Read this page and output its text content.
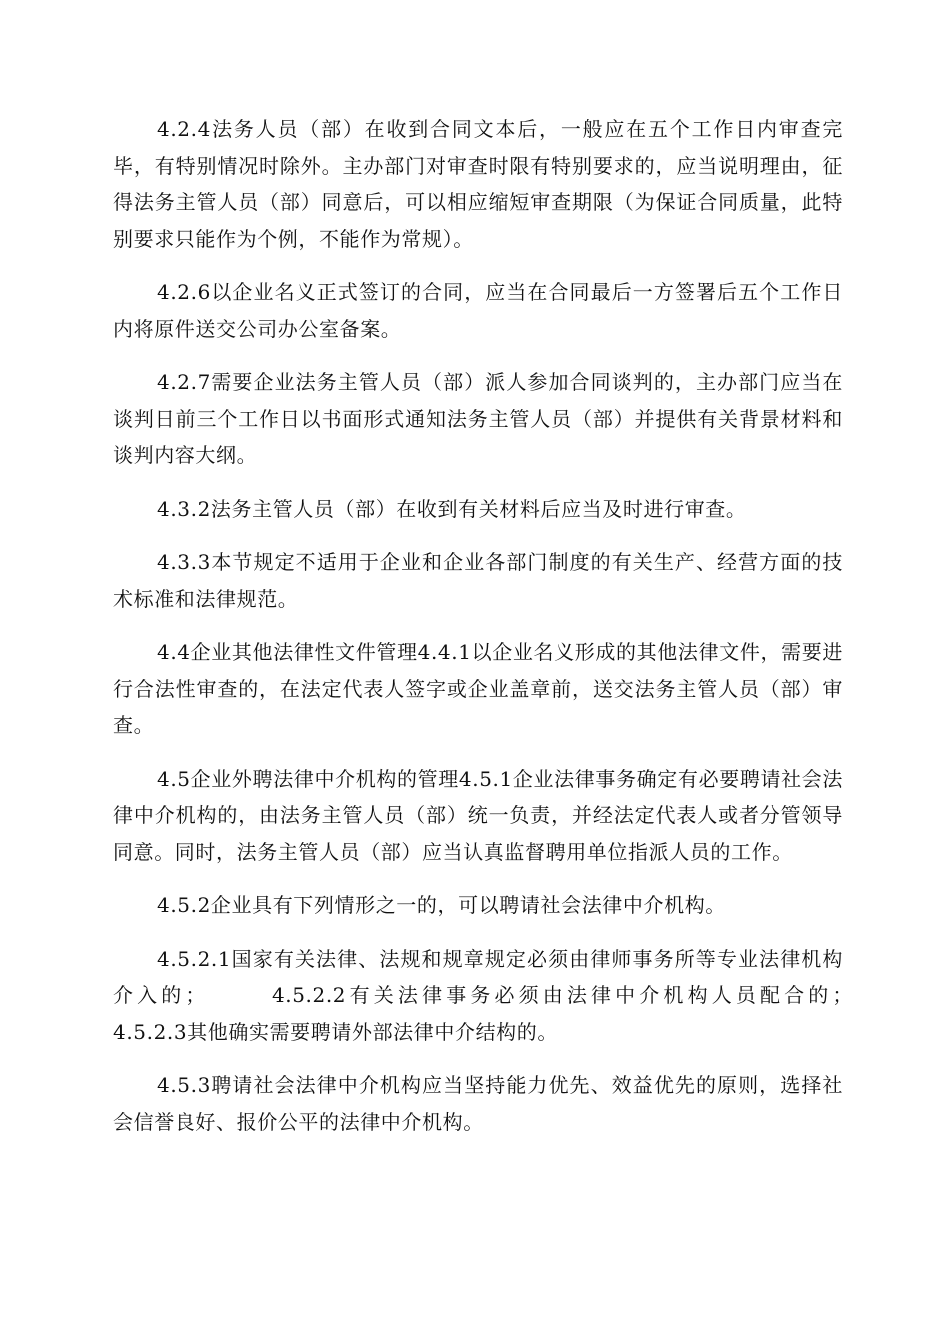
4.2.4法务人员（部）在收到合同文本后，一般应在五个工作日内审查完毕，有特别情况时除外。主办部门对审查时限有特别要求的，应当说明理由，征得法务主管人员（部）同意后，可以相应缩短审查期限（为保证合同质量，此特别要求只能作为个例，不能作为常规）。

4.2.6以企业名义正式签订的合同，应当在合同最后一方签署后五个工作日内将原件送交公司办公室备案。

4.2.7需要企业法务主管人员（部）派人参加合同谈判的，主办部门应当在谈判日前三个工作日以书面形式通知法务主管人员（部）并提供有关背景材料和谈判内容大纲。

4.3.2法务主管人员（部）在收到有关材料后应当及时进行审查。

4.3.3本节规定不适用于企业和企业各部门制度的有关生产、经营方面的技术标准和法律规范。

4.4企业其他法律性文件管理4.4.1以企业名义形成的其他法律文件，需要进行合法性审查的，在法定代表人签字或企业盖章前，送交法务主管人员（部）审查。

4.5企业外聘法律中介机构的管理4.5.1企业法律事务确定有必要聘请社会法律中介机构的，由法务主管人员（部）统一负责，并经法定代表人或者分管领导同意。同时，法务主管人员（部）应当认真监督聘用单位指派人员的工作。

4.5.2企业具有下列情形之一的，可以聘请社会法律中介机构。

4.5.2.1国家有关法律、法规和规章规定必须由律师事务所等专业法律机构介入的；　　　4.5.2.2有关法律事务必须由法律中介机构人员配合的；　　4.5.2.3其他确实需要聘请外部法律中介结构的。

4.5.3聘请社会法律中介机构应当坚持能力优先、效益优先的原则，选择社会信誉良好、报价公平的法律中介机构。
